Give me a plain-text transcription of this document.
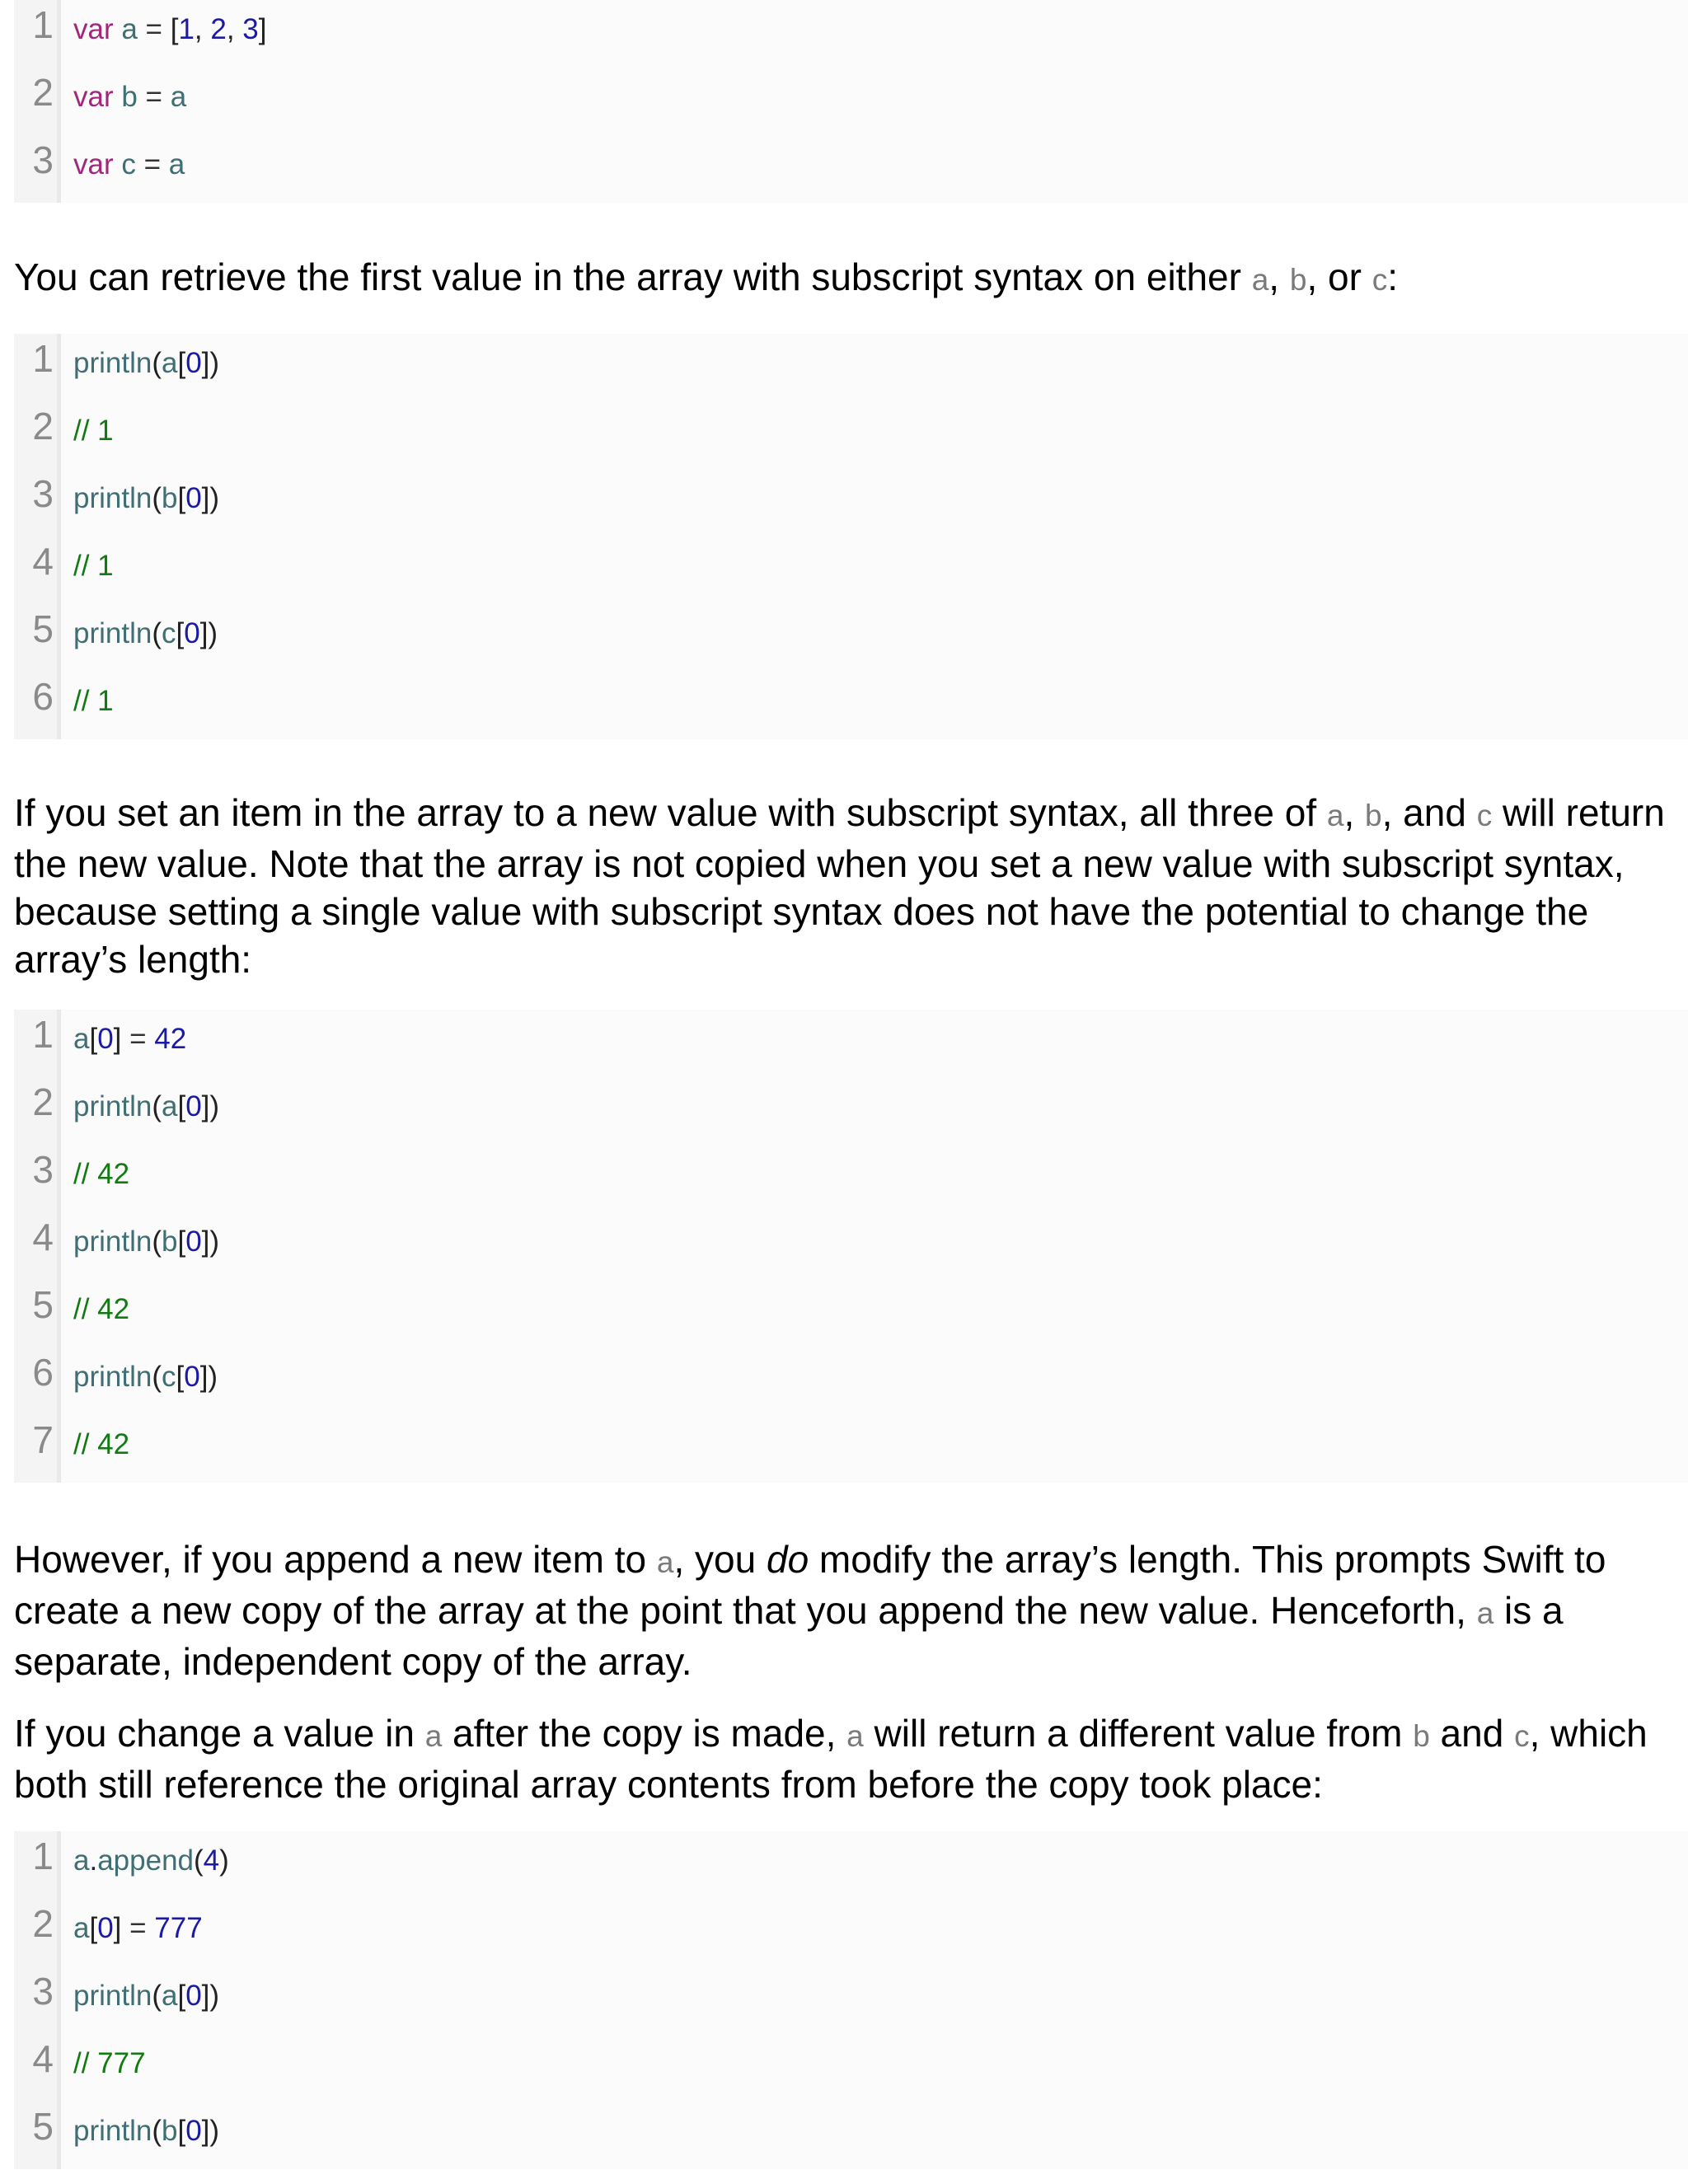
1 var a = [1, 2, 3]
2 var b = a
3 var c = a
1 println(a[0])
2 // 1
3 println(b[0])
4 // 1
5 println(c[0])
6 // 1
1 a[0] = 42
2 println(a[0])
3 // 42
4 println(b[0])
5 // 42
6 println(c[0])
7 // 42
1 a.append(4)
2 a[0] = 777
3 println(a[0])
4 // 777
5 println(b[0])

You can retrieve the first value in the array with subscript syntax on either a, b, or c:

If you set an item in the array to a new value with subscript syntax, all three of a, b, and c will return the new value. Note that the array is not copied when you set a new value with subscript syntax, because setting a single value with subscript syntax does not have the potential to change the array’s length:

However, if you append a new item to a, you do modify the array’s length. This prompts Swift to create a new copy of the array at the point that you append the new value. Henceforth, a is a separate, independent copy of the array.

If you change a value in a after the copy is made, a will return a different value from b and c, which both still reference the original array contents from before the copy took place:
